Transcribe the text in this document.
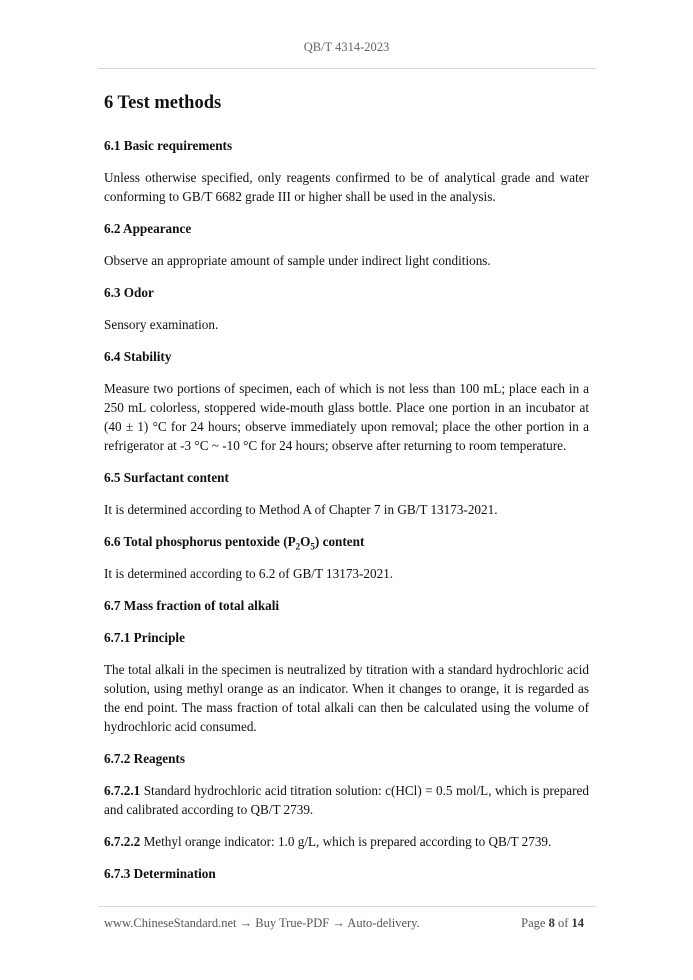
QB/T 4314-2023
6 Test methods
6.1 Basic requirements
Unless otherwise specified, only reagents confirmed to be of analytical grade and water conforming to GB/T 6682 grade III or higher shall be used in the analysis.
6.2 Appearance
Observe an appropriate amount of sample under indirect light conditions.
6.3 Odor
Sensory examination.
6.4 Stability
Measure two portions of specimen, each of which is not less than 100 mL; place each in a 250 mL colorless, stoppered wide-mouth glass bottle. Place one portion in an incubator at (40 ± 1) °C for 24 hours; observe immediately upon removal; place the other portion in a refrigerator at -3 °C ~ -10 °C for 24 hours; observe after returning to room temperature.
6.5 Surfactant content
It is determined according to Method A of Chapter 7 in GB/T 13173-2021.
6.6 Total phosphorus pentoxide $(P_2O_5)$ content
It is determined according to 6.2 of GB/T 13173-2021.
6.7 Mass fraction of total alkali
6.7.1 Principle
The total alkali in the specimen is neutralized by titration with a standard hydrochloric acid solution, using methyl orange as an indicator. When it changes to orange, it is regarded as the end point. The mass fraction of total alkali can then be calculated using the volume of hydrochloric acid consumed.
6.7.2 Reagents
6.7.2.1 Standard hydrochloric acid titration solution: c(HCl) = 0.5 mol/L, which is prepared and calibrated according to QB/T 2739.
6.7.2.2 Methyl orange indicator: 1.0 g/L, which is prepared according to QB/T 2739.
6.7.3 Determination
www.ChineseStandard.net → Buy True-PDF → Auto-delivery.	Page 8 of 14
